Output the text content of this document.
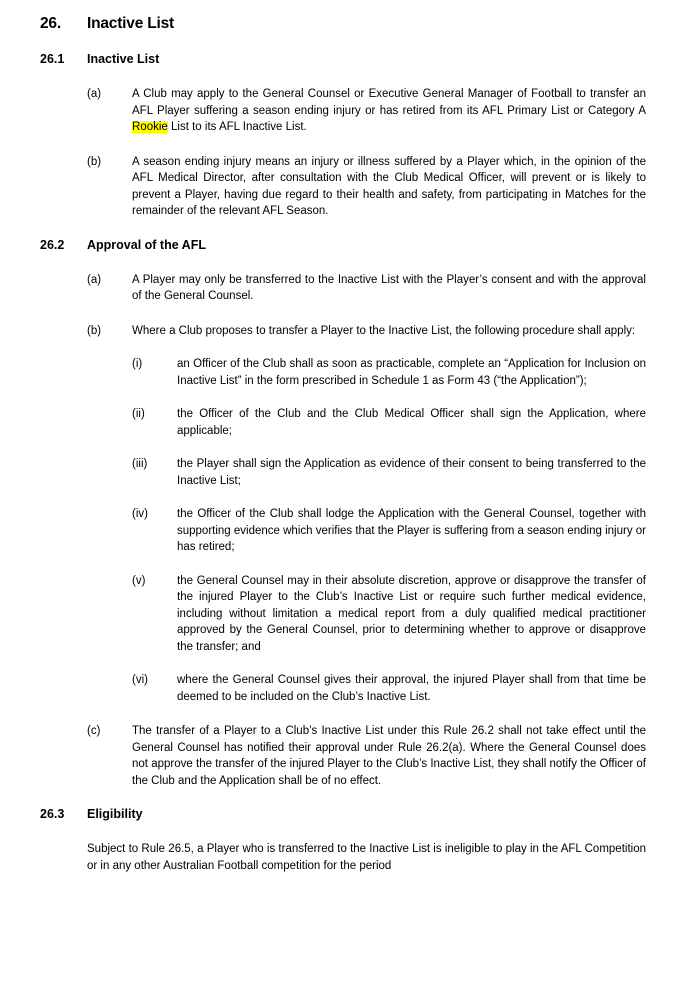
26.	Inactive List
26.1	Inactive List
(a)	A Club may apply to the General Counsel or Executive General Manager of Football to transfer an AFL Player suffering a season ending injury or has retired from its AFL Primary List or Category A Rookie List to its AFL Inactive List.

(b)	A season ending injury means an injury or illness suffered by a Player which, in the opinion of the AFL Medical Director, after consultation with the Club Medical Officer, will prevent or is likely to prevent a Player, having due regard to their health and safety, from participating in Matches for the remainder of the relevant AFL Season.

26.2	Approval of the AFL
(a)	A Player may only be transferred to the Inactive List with the Player’s consent and with the approval of the General Counsel.

(b)	Where a Club proposes to transfer a Player to the Inactive List, the following procedure shall apply:

(i)	an Officer of the Club shall as soon as practicable, complete an “Application for Inclusion on Inactive List” in the form prescribed in Schedule 1 as Form 43 (“the Application”);

(ii)	the Officer of the Club and the Club Medical Officer shall sign the Application, where applicable;

(iii)	the Player shall sign the Application as evidence of their consent to being transferred to the Inactive List;

(iv)	the Officer of the Club shall lodge the Application with the General Counsel, together with supporting evidence which verifies that the Player is suffering from a season ending injury or has retired;

(v)	the General Counsel may in their absolute discretion, approve or disapprove the transfer of the injured Player to the Club’s Inactive List or require such further medical evidence, including without limitation a medical report from a duly qualified medical practitioner approved by the General Counsel, prior to determining whether to approve or disapprove the transfer; and

(vi)	where the General Counsel gives their approval, the injured Player shall from that time be deemed to be included on the Club’s Inactive List.

(c)	The transfer of a Player to a Club’s Inactive List under this Rule 26.2 shall not take effect until the General Counsel has notified their approval under Rule 26.2(a). Where the General Counsel does not approve the transfer of the injured Player to the Club’s Inactive List, they shall notify the Officer of the Club and the Application shall be of no effect.

26.3	Eligibility

Subject to Rule 26.5, a Player who is transferred to the Inactive List is ineligible to play in the AFL Competition or in any other Australian Football competition for the period
